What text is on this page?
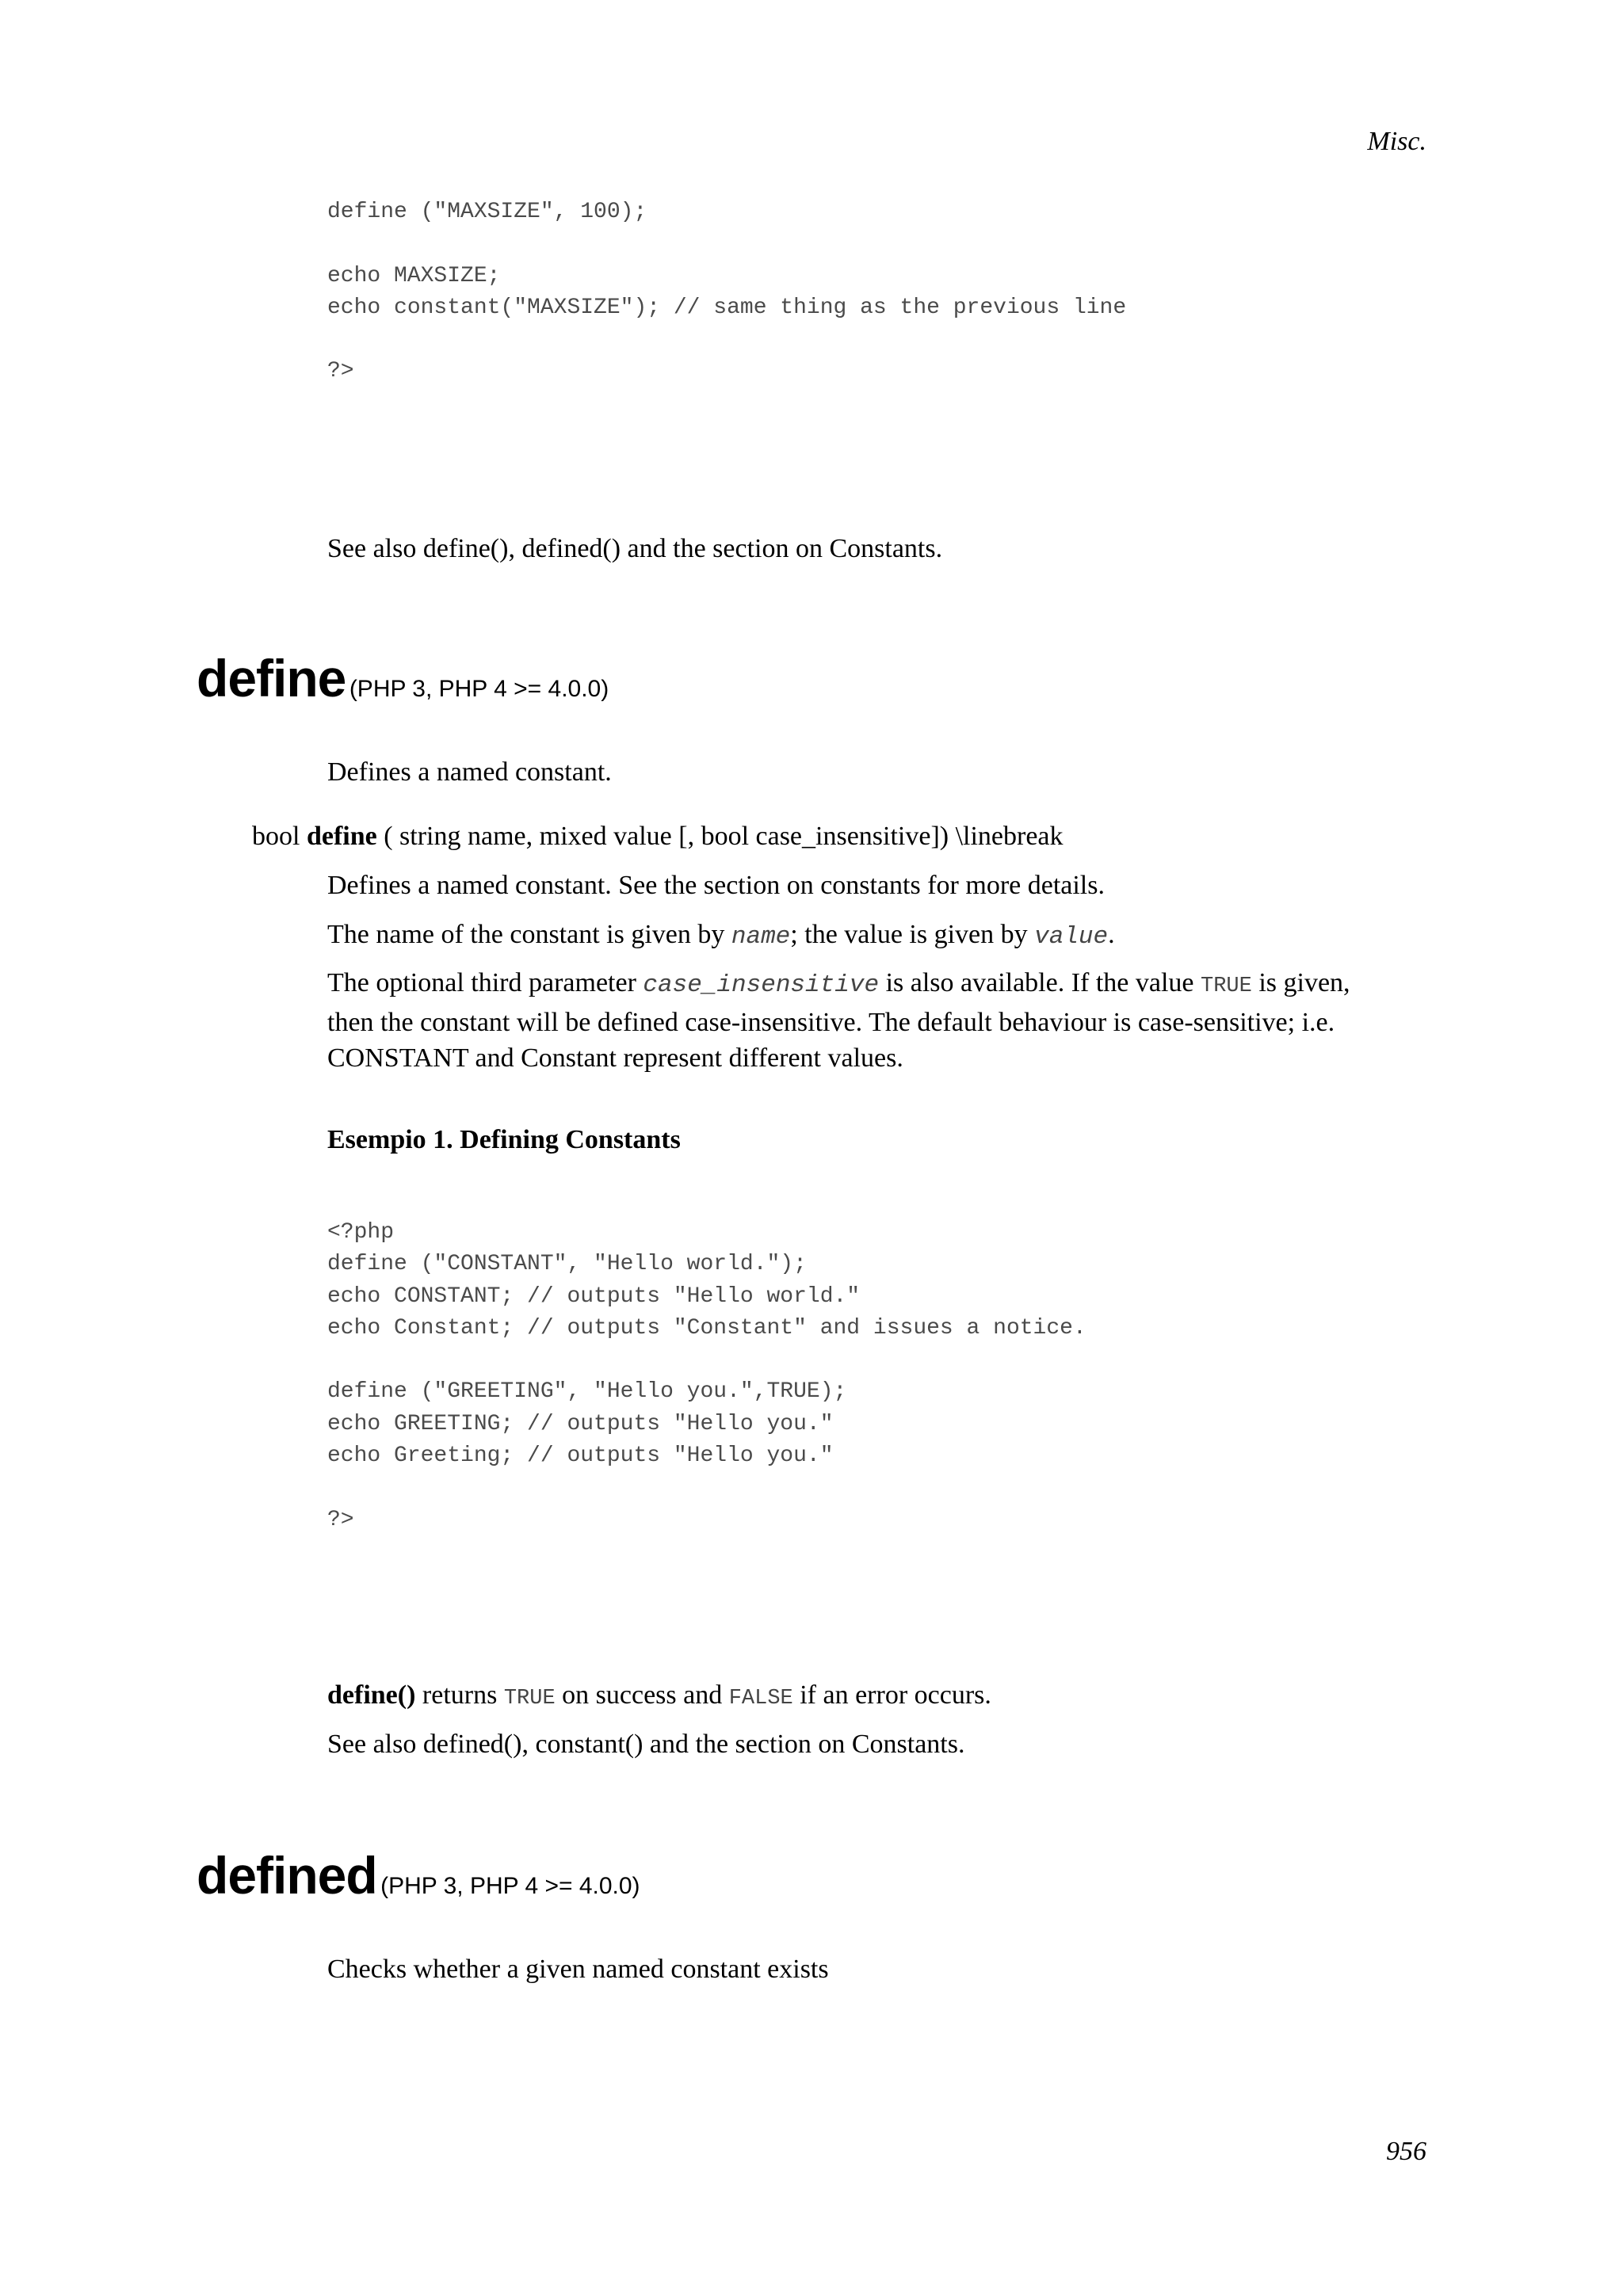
Misc.
define ("MAXSIZE", 100);

echo MAXSIZE;
echo constant("MAXSIZE"); // same thing as the previous line

?>

See also define(), defined() and the section on Constants.

define (PHP 3, PHP 4 >= 4.0.0)

Defines a named constant.

bool define ( string name, mixed value [, bool case_insensitive]) \linebreak

Defines a named constant. See the section on constants for more details.

The name of the constant is given by name; the value is given by value.

The optional third parameter case_insensitive is also available. If the value TRUE is given,
then the constant will be defined case-insensitive. The default behaviour is case-sensitive; i.e.
CONSTANT and Constant represent different values.

Esempio 1. Defining Constants
<?php
define ("CONSTANT", "Hello world.");
echo CONSTANT; // outputs "Hello world."
echo Constant; // outputs "Constant" and issues a notice.

define ("GREETING", "Hello you.",TRUE);
echo GREETING; // outputs "Hello you."
echo Greeting; // outputs "Hello you."

?>

define() returns TRUE on success and FALSE if an error occurs.

See also defined(), constant() and the section on Constants.

defined (PHP 3, PHP 4 >= 4.0.0)

Checks whether a given named constant exists

956
